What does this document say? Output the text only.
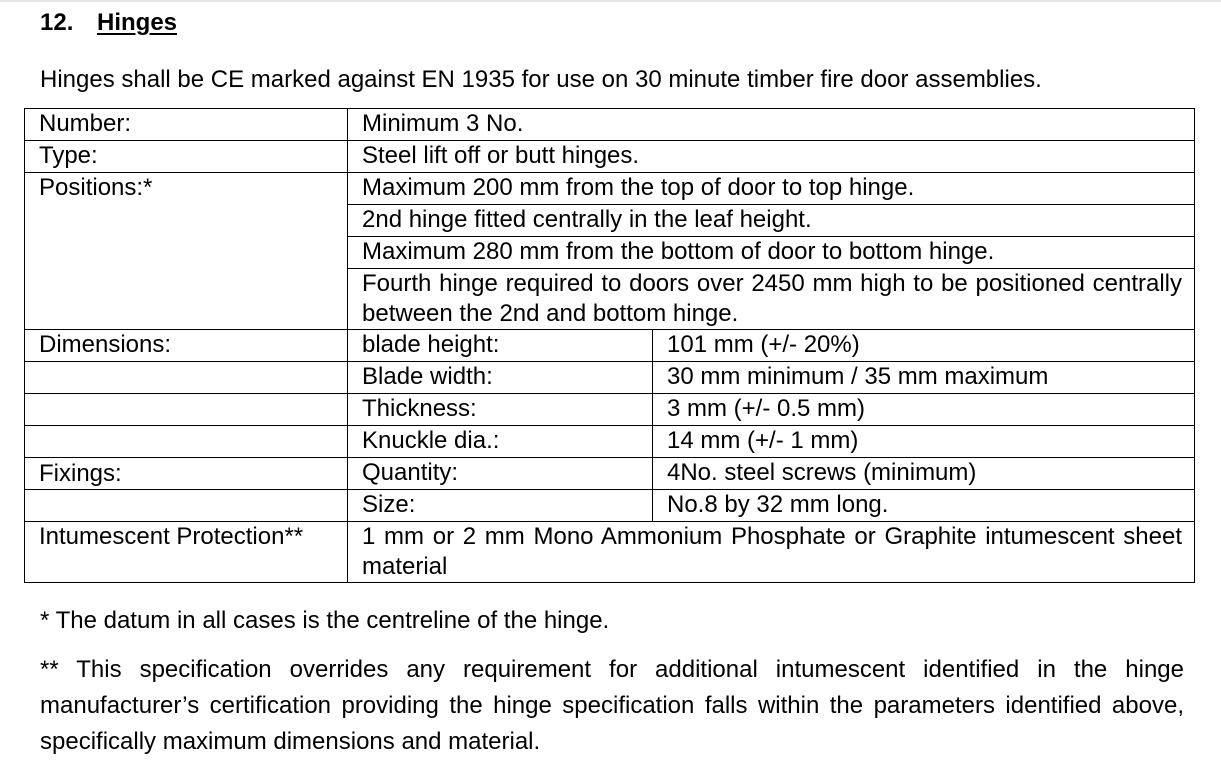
12. Hinges
Hinges shall be CE marked against EN 1935 for use on 30 minute timber fire door assemblies.
Number:	Minimum 3 No.	
Type:	Steel lift off or butt hinges.	
Positions:*	Maximum 200 mm from the top of door to top hinge.	
	2nd hinge fitted centrally in the leaf height.	
	Maximum 280 mm from the bottom of door to bottom hinge.	
	Fourth hinge required to doors over 2450 mm high to be positioned centrally between the 2nd and bottom hinge.	
Dimensions:	blade height:	101 mm (+/- 20%)
	Blade width:	30 mm minimum / 35 mm maximum
	Thickness:	3 mm (+/- 0.5 mm)
	Knuckle dia.:	14 mm (+/- 1 mm)
Fixings:	Quantity:	4No. steel screws (minimum)
	Size:	No.8 by 32 mm long.
Intumescent Protection**	1 mm or 2 mm Mono Ammonium Phosphate or Graphite intumescent sheet material	
* The datum in all cases is the centreline of the hinge.
** This specification overrides any requirement for additional intumescent identified in the hinge manufacturer’s certification providing the hinge specification falls within the parameters identified above, specifically maximum dimensions and material.
